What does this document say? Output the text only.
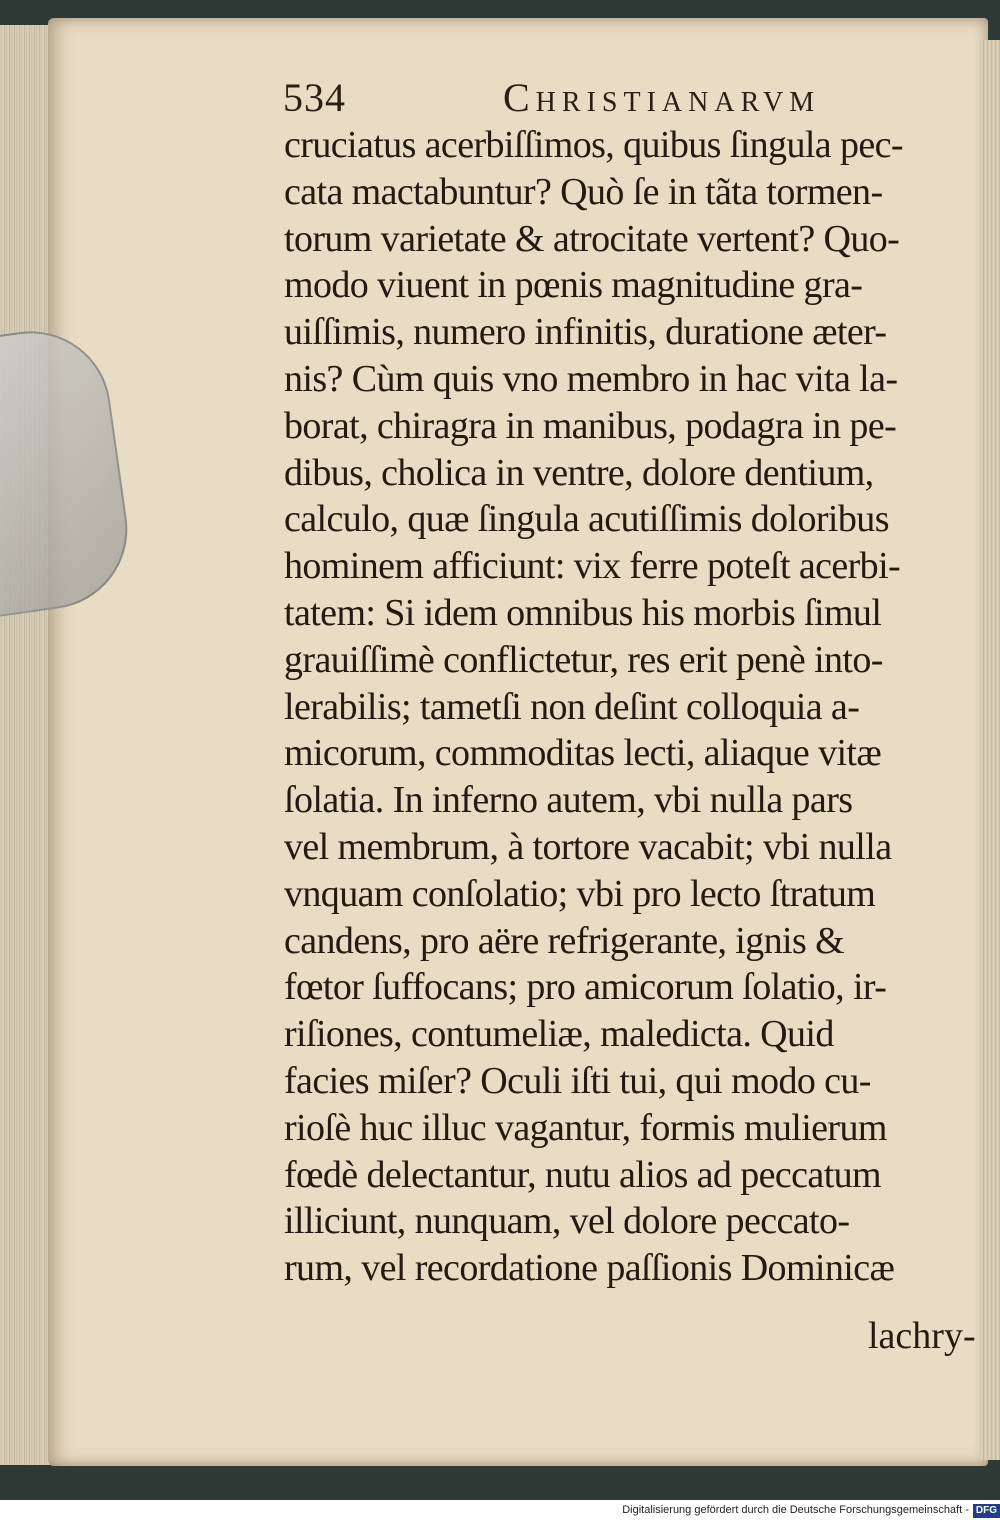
534	Christianarvm
cruciatus acerbiſſimos, quibus ſingula pec-
cata mactabuntur? Quò ſe in tãta tormen-
torum varietate & atrocitate vertent? Quo-
modo viuent in pœnis magnitudine gra-
uiſſimis, numero infinitis, duratione æter-
nis? Cùm quis vno membro in hac vita la-
borat, chiragra in manibus, podagra in pe-
dibus, cholica in ventre, dolore dentium,
calculo, quæ ſingula acutiſſimis doloribus
hominem afficiunt: vix ferre poteſt acerbi-
tatem: Si idem omnibus his morbis ſimul
grauiſſimè conflictetur, res erit penè into-
lerabilis; tametſi non deſint colloquia a-
micorum, commoditas lecti, aliaque vitæ
ſolatia. In inferno autem, vbi nulla pars
vel membrum, à tortore vacabit; vbi nulla
vnquam conſolatio; vbi pro lecto ſtratum
candens, pro aëre refrigerante, ignis &
fœtor ſuffocans; pro amicorum ſolatio, ir-
riſiones, contumeliæ, maledicta. Quid
facies miſer? Oculi iſti tui, qui modo cu-
rioſè huc illuc vagantur, formis mulierum
fœdè delectantur, nutu alios ad peccatum
illiciunt, nunquam, vel dolore peccato-
rum, vel recordatione paſſionis Dominicæ
lachry-
Digitalisierung gefördert durch die Deutsche Forschungsgemeinschaft - DFG
